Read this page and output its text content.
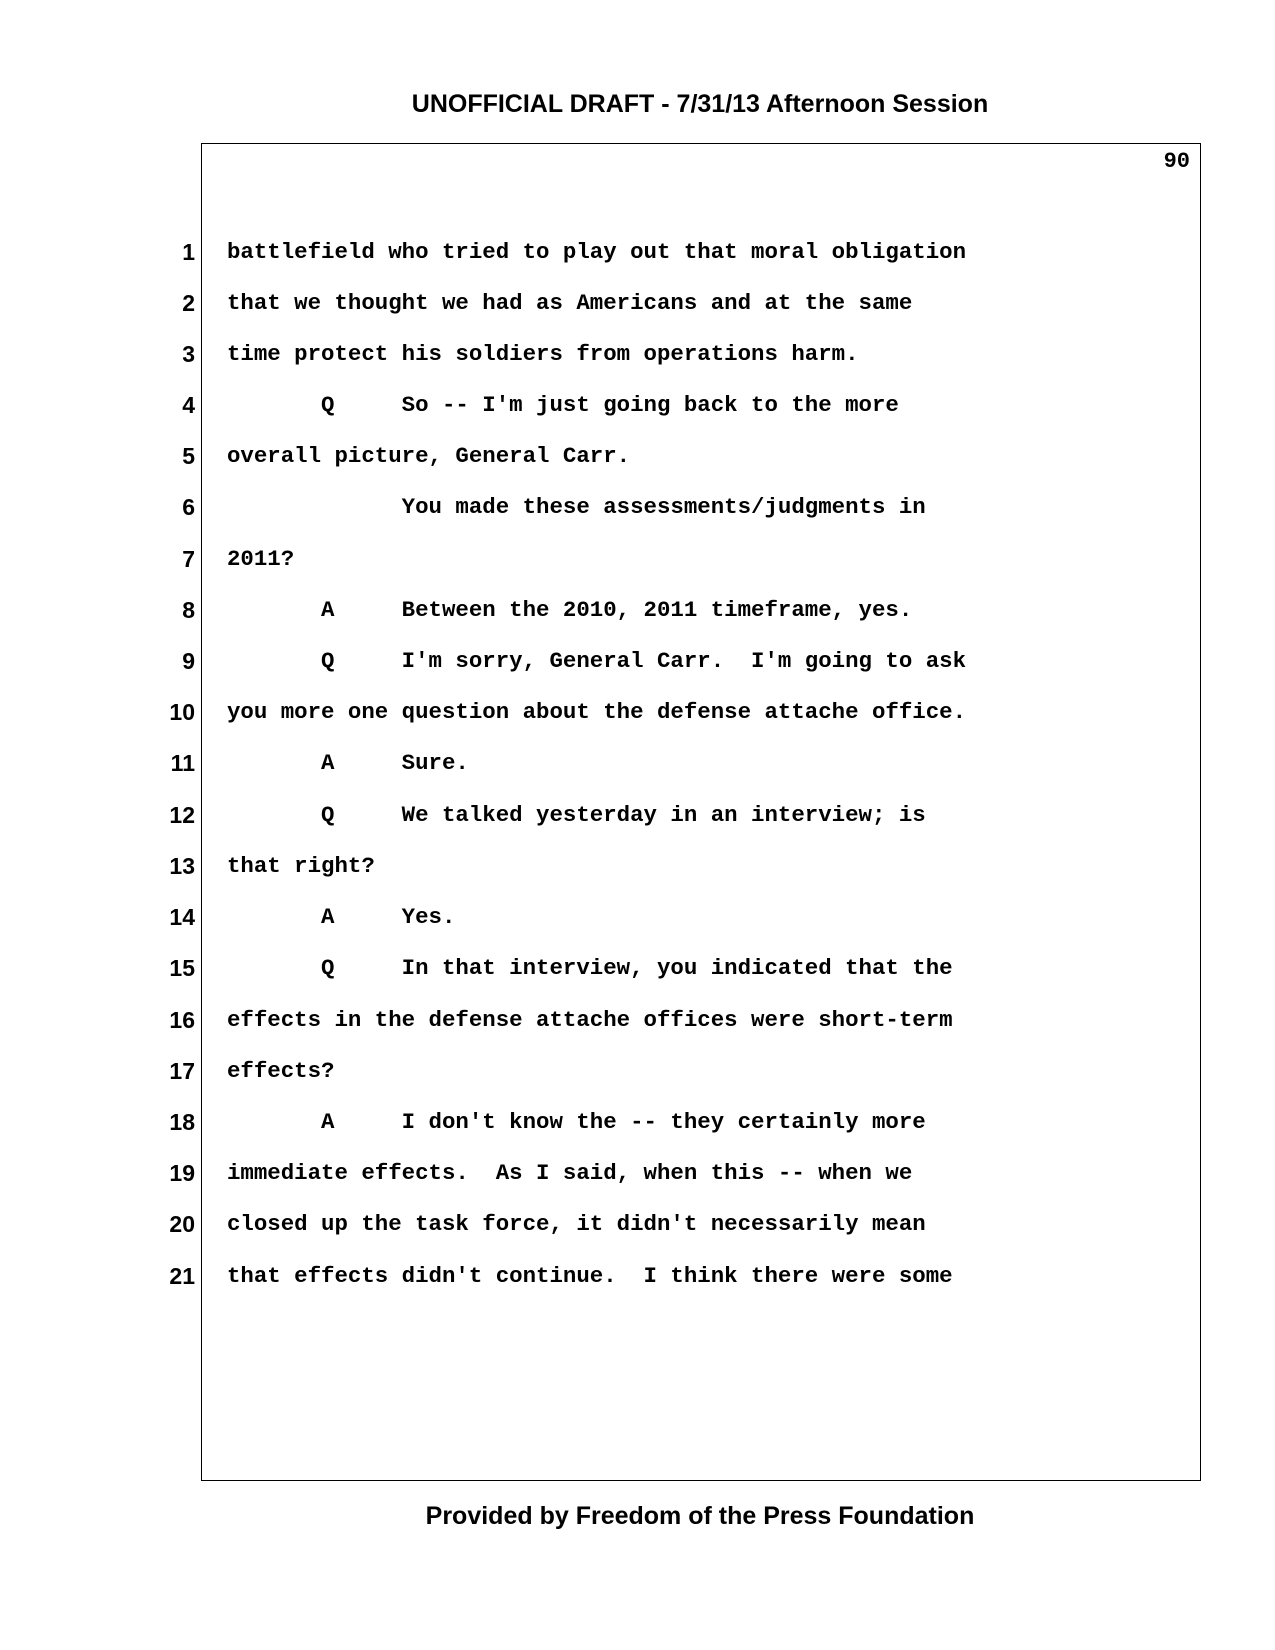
UNOFFICIAL DRAFT - 7/31/13 Afternoon Session
90
1 battlefield who tried to play out that moral obligation
2 that we thought we had as Americans and at the same
3 time protect his soldiers from operations harm.
4 Q     So -- I'm just going back to the more
5 overall picture, General Carr.
6 You made these assessments/judgments in
7 2011?
8 A     Between the 2010, 2011 timeframe, yes.
9 Q     I'm sorry, General Carr.  I'm going to ask
10 you more one question about the defense attache office.
11 A     Sure.
12 Q     We talked yesterday in an interview; is
13 that right?
14 A     Yes.
15 Q     In that interview, you indicated that the
16 effects in the defense attache offices were short-term
17 effects?
18 A     I don't know the -- they certainly more
19 immediate effects.  As I said, when this -- when we
20 closed up the task force, it didn't necessarily mean
21 that effects didn't continue.  I think there were some
Provided by Freedom of the Press Foundation
